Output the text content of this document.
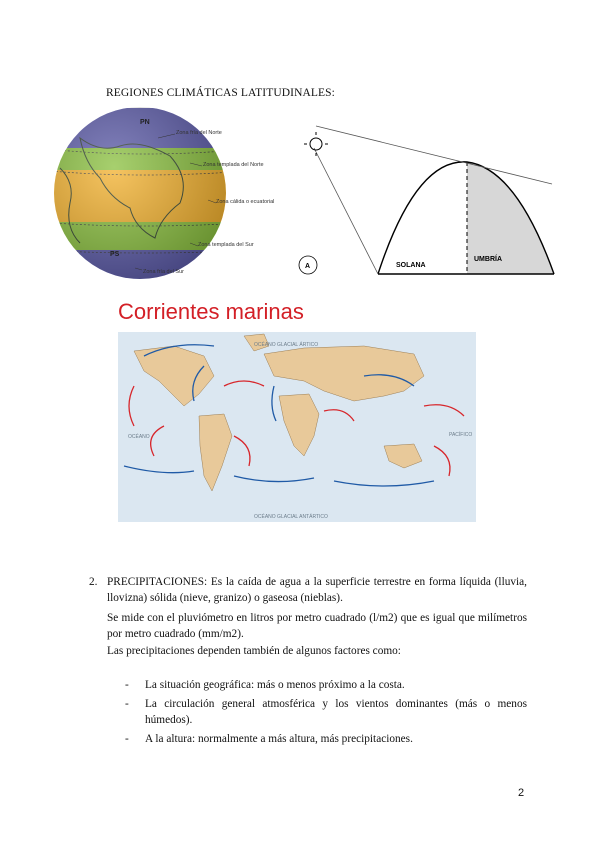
REGIONES CLIMÁTICAS LATITUDINALES:
PN
PS
Zona fría del Norte
Zona templada del Norte
Zona cálida o ecuatorial
Zona templada del Sur
Zona fría del Sur
A	SOLANA
UMBRÍA
OCÉANO GLACIAL ÁRTICO
OCÉANO GLACIAL ANTÁRTICO
OCÉANO	PACÍFICO
Corrientes marinas
2. PRECIPITACIONES: Es la caída de agua a la superficie terrestre en forma líquida (lluvia, llovizna) sólida (nieve, granizo) o gaseosa (nieblas).
Se mide con el pluviómetro en litros por metro cuadrado (l/m2) que es igual que milímetros por metro cuadrado (mm/m2).
Las precipitaciones dependen también de algunos factores como:
- La situación geográfica: más o menos próximo a la costa.
- La circulación general atmosférica y los vientos dominantes (más o menos húmedos).
- A la altura: normalmente a más altura, más precipitaciones.
2
